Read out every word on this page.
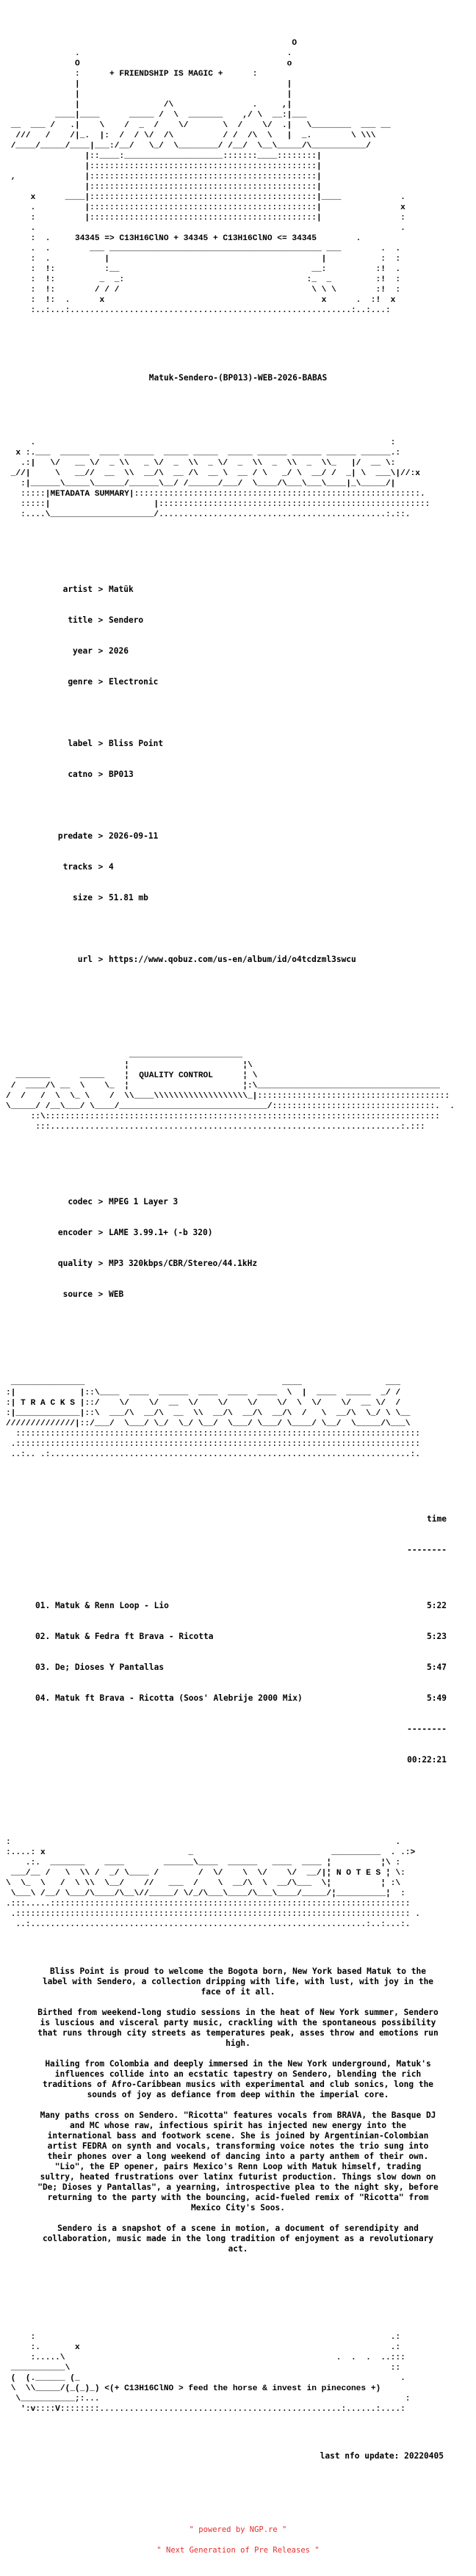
O
.                                          .
O                                          o
:	+ FRIENDSHIP IS MAGIC +	:
|                                          |
|                                          |
|                 /\                .     ,|
____|____      _____ /  \  _______    ,/ \  __:|___
__  ___ /   .|    \    /  _  /    \/       \  /    \/  .|   \________  ___ __
///   /    /|_.  |:  /  / \/  /\          / /  /\  \   |  _.        \ \\\
/____/_____/____|___:/__/   \_/  \________/ /__/  \__\_____/\___________/
|::____:____________________:::::::____::::::::|
|::::::::::::::::::::::::::::::::::::::::::::::|
,              |::::::::::::::::::::::::::::::::::::::::::::::|
|::::::::::::::::::::::::::::::::::::::::::::::|
x      ____|::::::::::::::::::::::::::::::::::::::::::::::|____            .
.          |::::::::::::::::::::::::::::::::::::::::::::::|                x
:          |::::::::::::::::::::::::::::::::::::::::::::::|                :
.                                                                          .
:  .	34345 => C13H16ClNO + 34345 + C13H16ClNO <= 34345	.
.  .        ___ ___________________________________________ ___        .  .
:  .           |                                           |           :  :
:  !:          :__                                       __:          :!  .
:  !:         _  _:                                     :_  _         :!  :
:  !:        / / /                                       \ \ \        :!  :
:  !:  .      x                                            x      .  :!  x
:..:...:.........................................................:..:...:

Matuk-Sendero-(BP013)-WEB-2026-BABAS

.                                                                        :
x :.___  ______  ____ ______  _____ _____  _____ ______ ______ ______ ______.:
.:|   \/   __ \/  _ \\   _ \/  _  \\  _ \/  _  \\  _  \\  _  \\_   |/  __ \:
_//|     \   __//  __  \\  __/\  __ /\  __ \  __ / \   _/ \  __/ /  _| \  ___\|//:x
:|______\_____\______/______\__/ /______/___/  \____/\___\___\____|_\_____/|
:::::|METADATA SUMMARY|::::::::::::::::::::::::::::::::::::::::::::::::::::::::::.
:::::|                     |:::::::::::::::::::::::::::::::::::::::::::::::::::::::
:....\_____________________/..............................................:.::.

artist > Matük

title > Sendero

year > 2026

genre > Electronic

label > Bliss Point

catno > BP013

predate > 2026-09-11

tracks > 4

size > 51.81 mb

url > https://www.qobuz.com/us-en/album/id/o4tcdzml3swcu

_______________________
¦                       ¦\
_______      _____    ¦  QUALITY CONTROL	¦ \
/  ____/\ __  \    \_  ¦                       ¦:\_____________________________________
/  /   /  \  \_ \    /  \\____\\\\\\\\\\\\\\\\\\\_|:::::::::::::::::::::::::::::::::::::::
\_____/ /__\___/ \____/______________________________/:::::::::::::::::::::::::::::::::.  .
::\::::::::::::::::::::::::::::::::::::::::::::::::::::::::::::::::::::::::::::::::
:::.......................................................................:.:::

codec > MPEG 1 Layer 3

encoder > LAME 3.99.1+ (-b 320)

quality > MP3 320kbps/CBR/Stereo/44.1kHz

source > WEB

_______________                                        ____                 ___
:|             |::\____  ____  ______  ____  ____  ____  \  |  ____  _____  _/ /
:| T R A C K S |::/    \/    \/  __  \/    \/    \/    \/  \  \/    \/  __ \/  /
:|_____________|::\  ___/\  __/\  __  \\  __/\  __/\  __/\  /   \  __/\  \_/ \ \__
//////////////|::/___/  \___/ \_/  \_/ \__/  \___/ \___/ \____/ \__/  \_____/\___\
::::::::::::::::::::::::::::::::::::::::::::::::::::::::::::::::::::::::::::::::::
.::::::::::::::::::::::::::::::::::::::::::::::::::::::::::::::::::::::::::::::::::
..:.. .:.........................................................................:.

time

--------

01. Matuk & Renn Loop - Lio	5:22

02. Matuk & Fedra ft Brava - Ricotta	5:23

03. De; Dioses Y Pantallas	5:47

04. Matuk ft Brava - Ricotta (Soos' Alebrije 2000 Mix)	5:49

--------

00:22:21

:                                                                              .
:....: x                             _                            __________  . .:>
.:.  _______    ____        ______\____  ______   ____  ____ ¦          ¦\ :
___/__ /   \  \\ /  _/ \____ /        /  \/    \  \/    \/  __/|¦ N O T E S ¦ \:
\  \_  \   /  \ \\  \__/    //   ___  /    \  __/\  \  __/\___  \¦          ¦ :\
\___\ /__/ \___/\____/\__\//_____/ \/_/\___\____/\___\____/_____/¦__________¦  :
.:::.....:::::::::::::::::::::::::::::::::::::::::::::::::::::::::::::::::::::::::
.:::::::::::::::::::::::::::::::::::::::::::::::::::::::::::::::::::::::::::::::: .
..:....................................................................:..:...:.

Bliss Point is proud to welcome the Bogota born, New York based Matuk to the label with Sendero, a collection dripping with life, with lust, with joy in the face of it all.

Birthed from weekend-long studio sessions in the heat of New York summer, Sendero is luscious and visceral party music, crackling with the spontaneous possibility that runs through city streets as temperatures peak, asses throw and emotions run high.

Hailing from Colombia and deeply immersed in the New York underground, Matuk's influences collide into an ecstatic tapestry on Sendero, blending the rich traditions of Afro-Caribbean musics with experimental and club sonics, long the sounds of joy as defiance from deep within the imperial core.

Many paths cross on Sendero. "Ricotta" features vocals from BRAVA, the Basque DJ and MC whose raw, infectious spirit has injected new energy into the international bass and footwork scene. She is joined by Argentinian-Colombian artist FEDRA on synth and vocals, transforming voice notes the trio sung into their phones over a long weekend of dancing into a party anthem of their own. "Lio", the EP opener, pairs Mexico's Renn Loop with Matuk himself, trading sultry, heated frustrations over latinx futurist production. Things slow down on "De; Dioses y Pantallas", a yearning, introspective plea to the night sky, before returning to the party with the bouncing, acid-fueled remix of "Ricotta" from Mexico City's Soos.

Sendero is a snapshot of a scene in motion, a document of serendipity and collaboration, music made in the long tradition of enjoyment as a revolutionary act.

:                                                                        .:
:.       x                                                               .:
:.....\                                                       .  .  .  ..:::
___________\                                                                 ::
(  (.______ (_                                                                 .
\  \\_____/(_(_)_) <(+ C13H16ClNO > feed the horse & invest in pinecones +)
\___________;:...                                                              :
':v::::V::::::::.................................................:......:....:

last nfo update: 20220405

" powered by NGP.re "

" Next Generation of Pre Releases "
